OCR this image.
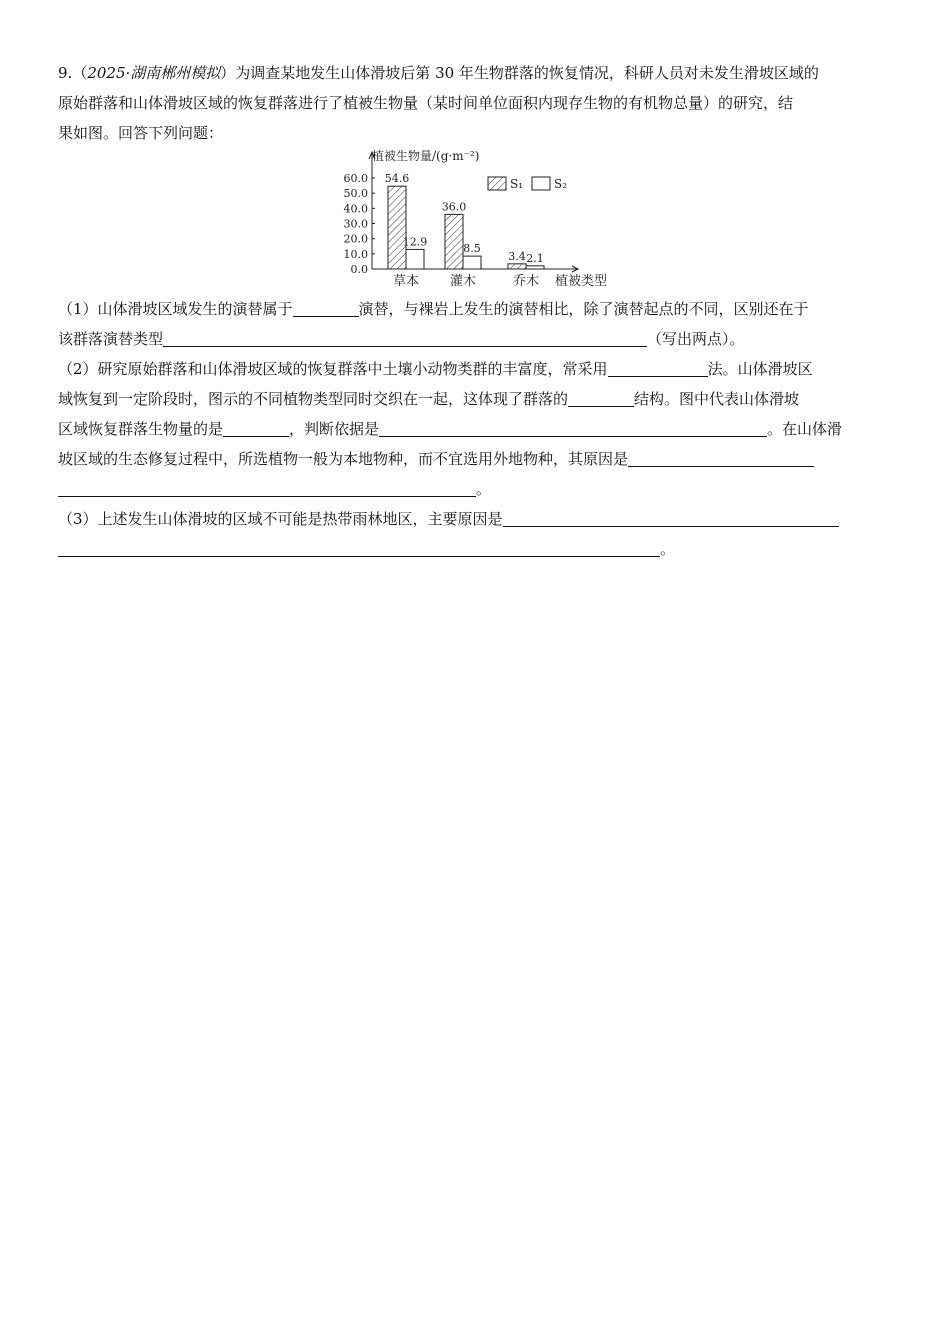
9.（2025·湖南郴州模拟）为调查某地发生山体滑坡后第 30 年生物群落的恢复情况，科研人员对未发生滑坡区域的
原始群落和山体滑坡区域的恢复群落进行了植被生物量（某时间单位面积内现存生物的有机物总量）的研究，结
果如图。回答下列问题：
植被生物量/(g·m⁻²)
60.0
50.0
40.0
30.0
20.0
10.0
0.0
54.6
12.9
草本
36.0
8.5
灌木
3.4 2.1
乔木 植被类型
S₁	S₂
（1）山体滑坡区域发生的演替属于	演替，与裸岩上发生的演替相比，除了演替起点的不同，区别还在于
该群落演替类型	（写出两点）。
（2）研究原始群落和山体滑坡区域的恢复群落中土壤小动物类群的丰富度，常采用	法。山体滑坡区
域恢复到一定阶段时，图示的不同植物类型同时交织在一起，这体现了群落的	结构。图中代表山体滑坡
区域恢复群落生物量的是	，判断依据是	。在山体滑
坡区域的生态修复过程中，所选植物一般为本地物种，而不宜选用外地物种，其原因是
。
（3）上述发生山体滑坡的区域不可能是热带雨林地区，主要原因是
。
